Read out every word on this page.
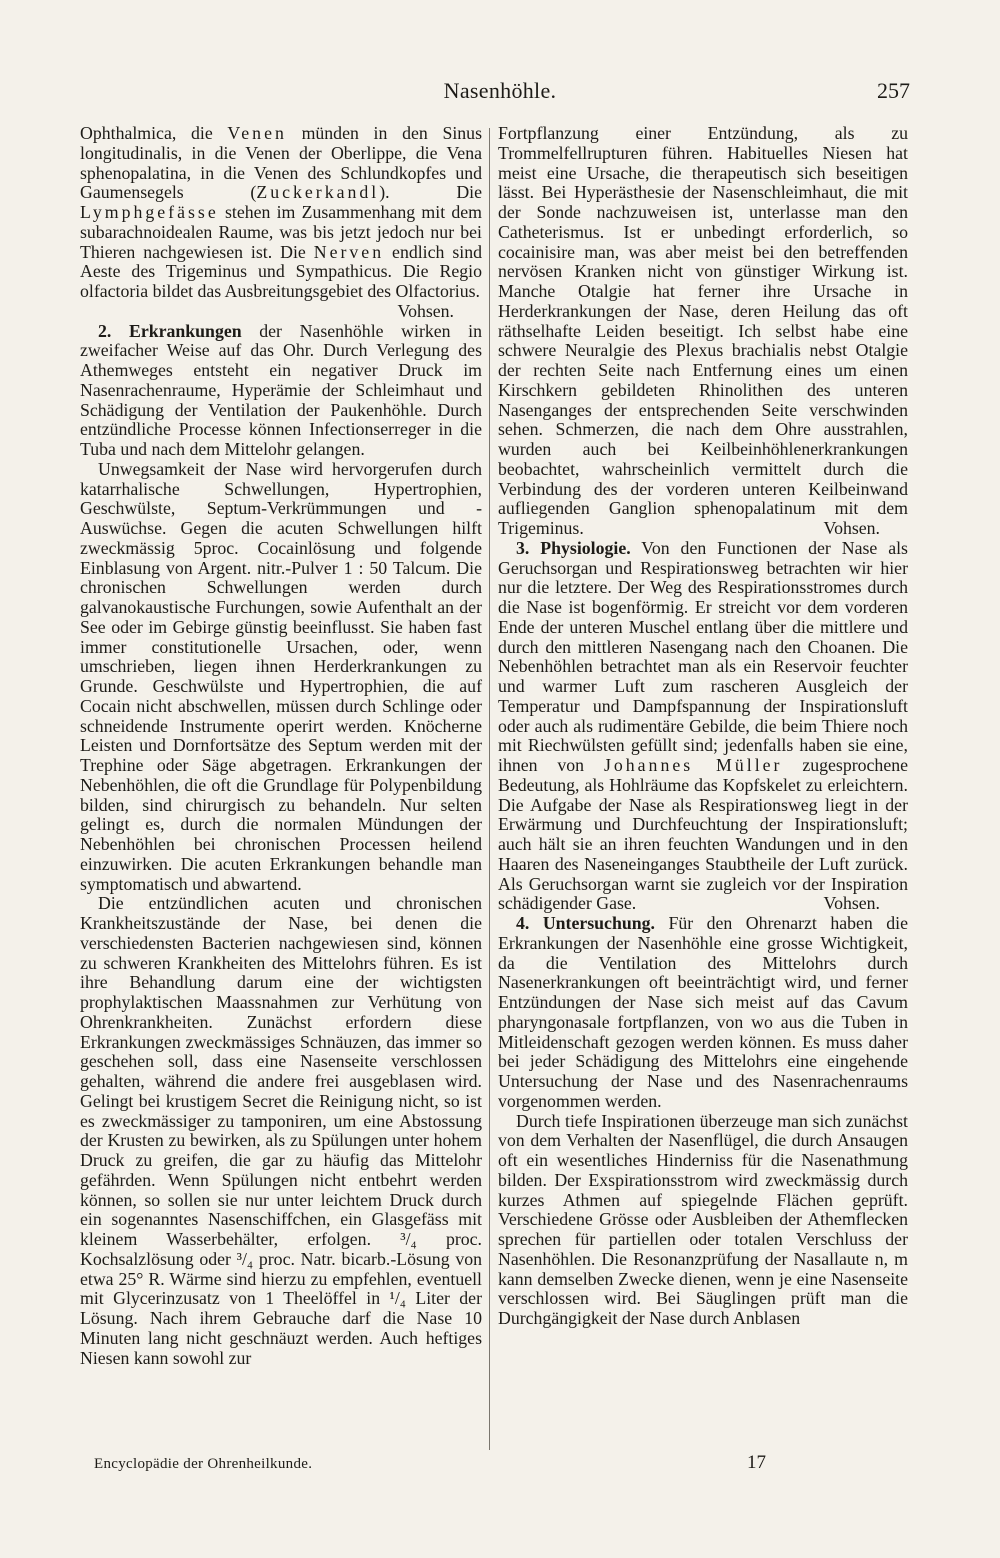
Nasenhöhle.	257

Ophthalmica, die Venen münden in den Sinus longitudinalis, in die Venen der Oberlippe, die Vena sphenopalatina, in die Venen des Schlundkopfes und Gaumensegels (Zuckerkandl). Die Lymphgefässe stehen im Zusammenhang mit dem subarachnoidealen Raume, was bis jetzt jedoch nur bei Thieren nachgewiesen ist. Die Nerven endlich sind Aeste des Trigeminus und Sympathicus. Die Regio olfactoria bildet das Ausbreitungsgebiet des Olfactorius.
Vohsen.

2. Erkrankungen der Nasenhöhle wirken in zweifacher Weise auf das Ohr. Durch Verlegung des Athemweges entsteht ein negativer Druck im Nasenrachenraume, Hyperämie der Schleimhaut und Schädigung der Ventilation der Paukenhöhle. Durch entzündliche Processe können Infectionserreger in die Tuba und nach dem Mittelohr gelangen.

Unwegsamkeit der Nase wird hervorgerufen durch katarrhalische Schwellungen, Hypertrophien, Geschwülste, Septum-Verkrümmungen und -Auswüchse. Gegen die acuten Schwellungen hilft zweckmässig 5proc. Cocainlösung und folgende Einblasung von Argent. nitr.-Pulver 1 : 50 Talcum. Die chronischen Schwellungen werden durch galvanokaustische Furchungen, sowie Aufenthalt an der See oder im Gebirge günstig beeinflusst. Sie haben fast immer constitutionelle Ursachen, oder, wenn umschrieben, liegen ihnen Herderkrankungen zu Grunde. Geschwülste und Hypertrophien, die auf Cocain nicht abschwellen, müssen durch Schlinge oder schneidende Instrumente operirt werden. Knöcherne Leisten und Dornfortsätze des Septum werden mit der Trephine oder Säge abgetragen. Erkrankungen der Nebenhöhlen, die oft die Grundlage für Polypenbildung bilden, sind chirurgisch zu behandeln. Nur selten gelingt es, durch die normalen Mündungen der Nebenhöhlen bei chronischen Processen heilend einzuwirken. Die acuten Erkrankungen behandle man symptomatisch und abwartend.

Die entzündlichen acuten und chronischen Krankheitszustände der Nase, bei denen die verschiedensten Bacterien nachgewiesen sind, können zu schweren Krankheiten des Mittelohrs führen. Es ist ihre Behandlung darum eine der wichtigsten prophylaktischen Maassnahmen zur Verhütung von Ohrenkrankheiten. Zunächst erfordern diese Erkrankungen zweckmässiges Schnäuzen, das immer so geschehen soll, dass eine Nasenseite verschlossen gehalten, während die andere frei ausgeblasen wird. Gelingt bei krustigem Secret die Reinigung nicht, so ist es zweckmässiger zu tamponiren, um eine Abstossung der Krusten zu bewirken, als zu Spülungen unter hohem Druck zu greifen, die gar zu häufig das Mittelohr gefährden. Wenn Spülungen nicht entbehrt werden können, so sollen sie nur unter leichtem Druck durch ein sogenanntes Nasenschiffchen, ein Glasgefäss mit kleinem Wasserbehälter, erfolgen. ³/₄ proc. Kochsalzlösung oder ³/₄ proc. Natr. bicarb.-Lösung von etwa 25° R. Wärme sind hierzu zu empfehlen, eventuell mit Glycerinzusatz von 1 Theelöffel in ¹/₄ Liter der Lösung. Nach ihrem Gebrauche darf die Nase 10 Minuten lang nicht geschnäuzt werden. Auch heftiges Niesen kann sowohl zur

Fortpflanzung einer Entzündung, als zu Trommelfellrupturen führen. Habituelles Niesen hat meist eine Ursache, die therapeutisch sich beseitigen lässt. Bei Hyperästhesie der Nasenschleimhaut, die mit der Sonde nachzuweisen ist, unterlasse man den Catheterismus. Ist er unbedingt erforderlich, so cocainisire man, was aber meist bei den betreffenden nervösen Kranken nicht von günstiger Wirkung ist. Manche Otalgie hat ferner ihre Ursache in Herderkrankungen der Nase, deren Heilung das oft räthselhafte Leiden beseitigt. Ich selbst habe eine schwere Neuralgie des Plexus brachialis nebst Otalgie der rechten Seite nach Entfernung eines um einen Kirschkern gebildeten Rhinolithen des unteren Nasenganges der entsprechenden Seite verschwinden sehen. Schmerzen, die nach dem Ohre ausstrahlen, wurden auch bei Keilbeinhöhlenerkrankungen beobachtet, wahrscheinlich vermittelt durch die Verbindung des der vorderen unteren Keilbeinwand aufliegenden Ganglion sphenopalatinum mit dem Trigeminus.	Vohsen.

3. Physiologie. Von den Functionen der Nase als Geruchsorgan und Respirationsweg betrachten wir hier nur die letztere. Der Weg des Respirationsstromes durch die Nase ist bogenförmig. Er streicht vor dem vorderen Ende der unteren Muschel entlang über die mittlere und durch den mittleren Nasengang nach den Choanen. Die Nebenhöhlen betrachtet man als ein Reservoir feuchter und warmer Luft zum rascheren Ausgleich der Temperatur und Dampfspannung der Inspirationsluft oder auch als rudimentäre Gebilde, die beim Thiere noch mit Riechwülsten gefüllt sind; jedenfalls haben sie eine, ihnen von Johannes Müller zugesprochene Bedeutung, als Hohlräume das Kopfskelet zu erleichtern. Die Aufgabe der Nase als Respirationsweg liegt in der Erwärmung und Durchfeuchtung der Inspirationsluft; auch hält sie an ihren feuchten Wandungen und in den Haaren des Naseneinganges Staubtheile der Luft zurück. Als Geruchsorgan warnt sie zugleich vor der Inspiration schädigender Gase.	Vohsen.

4. Untersuchung. Für den Ohrenarzt haben die Erkrankungen der Nasenhöhle eine grosse Wichtigkeit, da die Ventilation des Mittelohrs durch Nasenerkrankungen oft beeinträchtigt wird, und ferner Entzündungen der Nase sich meist auf das Cavum pharyngonasale fortpflanzen, von wo aus die Tuben in Mitleidenschaft gezogen werden können. Es muss daher bei jeder Schädigung des Mittelohrs eine eingehende Untersuchung der Nase und des Nasenrachenraums vorgenommen werden.

Durch tiefe Inspirationen überzeuge man sich zunächst von dem Verhalten der Nasenflügel, die durch Ansaugen oft ein wesentliches Hinderniss für die Nasenathmung bilden. Der Exspirationsstrom wird zweckmässig durch kurzes Athmen auf spiegelnde Flächen geprüft. Verschiedene Grösse oder Ausbleiben der Athemflecken sprechen für partiellen oder totalen Verschluss der Nasenhöhlen. Die Resonanzprüfung der Nasallaute n, m kann demselben Zwecke dienen, wenn je eine Nasenseite verschlossen wird. Bei Säuglingen prüft man die Durchgängigkeit der Nase durch Anblasen

Encyclopädie der Ohrenheilkunde.	17
